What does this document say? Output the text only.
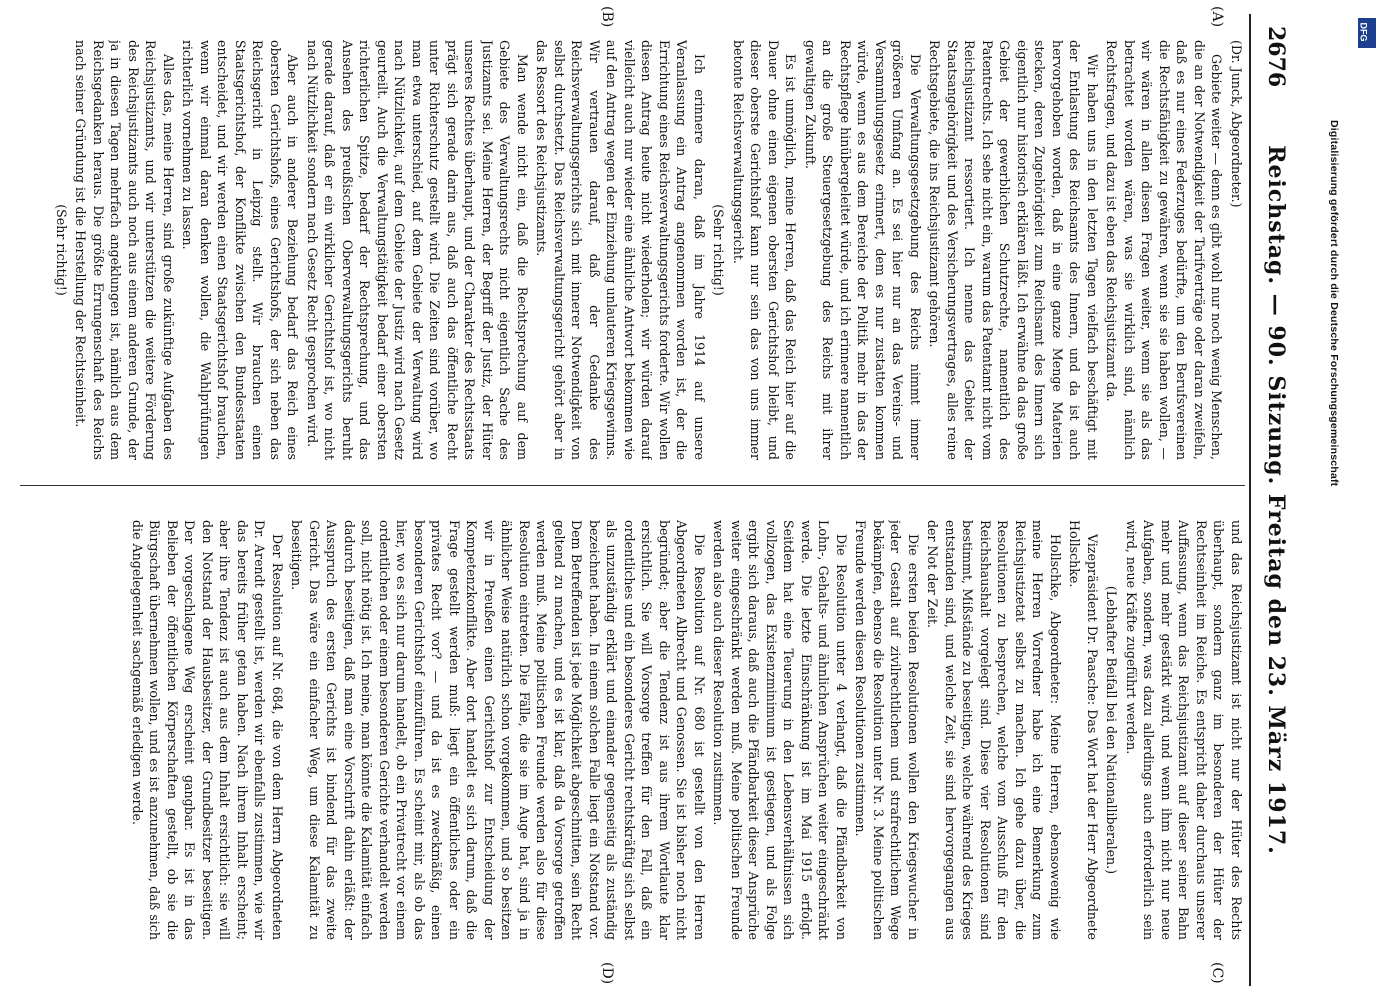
2676
Reichstag. — 90. Sitzung. Freitag den 23. März 1917.
(A)
(B)
(C)
(D)

(Dr. Junck, Abgeordneter.)

Gebiete weiter — denn es gibt wohl nur noch wenig Menschen, die an der Notwendigkeit der Tarifverträge oder daran zweifeln, daß es nur eines Federzuges bedürfte, um den Berufsvereinen die Rechtsfähigkeit zu gewähren, wenn sie sie haben wollen, — wir wären in allen diesen Fragen weiter, wenn sie als das betrachtet worden wären, was sie wirklich sind, nämlich Rechtsfragen, und dazu ist eben das Reichsjustizamt da.

Wir haben uns in den letzten Tagen vielfach beschäftigt mit der Entlastung des Reichsamts des Innern, und da ist auch hervorgehoben worden, daß in eine ganze Menge Materien stecken, deren Zugehörigkeit zum Reichsamt des Innern sich eigentlich nur historisch erklären läßt. Ich erwähne da das große Gebiet der gewerblichen Schutzrechte, namentlich des Patentrechts. Ich sehe nicht ein, warum das Patentamt nicht vom Reichsjustizamt ressortiert. Ich nenne das Gebiet der Staatsangehörigkeit und des Versicherungsvertrages, alles reine Rechtsgebiete, die ins Reichsjustizamt gehören.

Die Verwaltungsgesetzgebung des Reichs nimmt immer größeren Umfang an. Es sei hier nur an das Vereins- und Versammlungsgesetz erinnert, dem es nur zustatten kommen würde, wenn es aus dem Bereiche der Politik mehr in das der Rechtspflege hinübergeleitet würde, und ich erinnere namentlich an die große Steuergesetzgebung des Reichs mit ihrer gewaltigen Zukunft.

Es ist unmöglich, meine Herren, daß das Reich hier auf die Dauer ohne einen eigenen obersten Gerichtshof bleibt, und dieser oberste Gerichtshof kann nur sein das von uns immer betonte Reichsverwaltungsgericht.

(Sehr richtig!)

Ich erinnere daran, daß im Jahre 1914 auf unsere Veranlassung ein Antrag angenommen worden ist, der die Errichtung eines Reichsverwaltungsgerichts forderte. Wir wollen diesen Antrag heute nicht wiederholen; wir würden darauf vielleicht auch nur wieder eine ähnliche Antwort bekommen wie auf den Antrag wegen der Einziehung unlauteren Kriegsgewinns. Wir vertrauen darauf, daß der Gedanke des Reichsverwaltungsgerichts sich mit innerer Notwendigkeit von selbst durchsetzt. Das Reichsverwaltungsgericht gehört aber in das Ressort des Reichsjustizamts.

Man wende nicht ein, daß die Rechtsprechung auf dem Gebiete des Verwaltungsrechts nicht eigentlich Sache des Justizamts sei. Meine Herren, der Begriff der Justiz, der Hüter unseres Rechtes überhaupt, und der Charakter des Rechtsstaats prägt sich gerade darin aus, daß auch das öffentliche Recht unter Richterschutz gestellt wird. Die Zeiten sind vorüber, wo man etwa unterschied, auf dem Gebiete der Verwaltung wird nach Nützlichkeit, auf dem Gebiete der Justiz wird nach Gesetz geurteilt. Auch die Verwaltungstätigkeit bedarf einer obersten richterlichen Spitze, bedarf der Rechtsprechung, und das Ansehen des preußischen Oberverwaltungsgerichts beruht gerade darauf, daß er ein wirklicher Gerichtshof ist, wo nicht nach Nützlichkeit sondern nach Gesetz Recht gesprochen wird.

Aber auch in anderer Beziehung bedarf das Reich eines obersten Gerichtshofs, eines Gerichtshofs, der sich neben das Reichsgericht in Leipzig stellt. Wir brauchen einen Staatsgerichtshof, der Konflikte zwischen den Bundesstaaten entscheidet, und wir werden einen Staatsgerichtshof brauchen, wenn wir einmal daran denken wollen, die Wahlprüfungen richterlich vornehmen zu lassen.

Alles das, meine Herren, sind große zukünftige Aufgaben des Reichsjustizamts, und wir unterstützen die weitere Förderung des Reichsjustizamts auch noch aus einem anderen Grunde, der ja in diesen Tagen mehrfach angeklungen ist, nämlich aus dem Reichsgedanken heraus. Die größte Errungenschaft des Reichs nach seiner Gründung ist die Herstellung der Rechtseinheit.

(Sehr richtig!)

und das Reichsjustizamt ist nicht nur der Hüter des Rechts überhaupt, sondern ganz im besonderen der Hüter der Rechtseinheit im Reiche. Es entspricht daher durchaus unserer Auffassung, wenn das Reichsjustizamt auf dieser seiner Bahn mehr und mehr gestärkt wird, und wenn ihm nicht nur neue Aufgaben, sondern, was dazu allerdings auch erforderlich sein wird, neue Kräfte zugeführt werden.

(Lebhafter Beifall bei den Nationalliberalen.)

Vizepräsident Dr. Paasche: Das Wort hat der Herr Abgeordnete Hollschke.

Hollschke, Abgeordneter: Meine Herren, ebensowenig wie meine Herren Vorredner habe ich eine Bemerkung zum Reichsjustizetat selbst zu machen. Ich gehe dazu über, die Resolutionen zu besprechen, welche vom Ausschuß für den Reichshaushalt vorgelegt sind. Diese vier Resolutionen sind bestimmt, Mißstände zu beseitigen, welche während des Krieges entstanden sind, und welche Zeit, sie sind hervorgegangen aus der Not der Zeit.

Die ersten beiden Resolutionen wollen den Kriegswucher in jeder Gestalt auf zivilrechtlichem und strafrechtlichem Wege bekämpfen, ebenso die Resolution unter Nr. 3. Meine politischen Freunde werden diesen Resolutionen zustimmen.

Die Resolution unter 4 verlangt, daß die Pfändbarkeit von Lohn-, Gehalts- und ähnlichen Ansprüchen weiter eingeschränkt werde. Die letzte Einschränkung ist im Mai 1915 erfolgt. Seitdem hat eine Teuerung in den Lebensverhältnissen sich vollzogen, das Existenzminimum ist gestiegen, und als Folge ergibt sich daraus, daß auch die Pfändbarkeit dieser Ansprüche weiter eingeschränkt werden muß. Meine politischen Freunde werden also auch dieser Resolution zustimmen.

Die Resolution auf Nr. 680 ist gestellt von den Herren Abgeordneten Albrecht und Genossen. Sie ist bisher noch nicht begründet; aber die Tendenz ist aus ihrem Wortlaute klar ersichtlich. Sie will Vorsorge treffen für den Fall, daß ein ordentliches und ein besonderes Gericht rechtskräftig sich selbst als unzuständig erklärt und einander gegenseitig als zuständig bezeichnet haben. In einem solchen Falle liegt ein Notstand vor. Dem Betreffenden ist jede Möglichkeit abgeschnitten, sein Recht geltend zu machen, und es ist klar, daß da Vorsorge getroffen werden muß. Meine politischen Freunde werden also für diese Resolution eintreten. Die Fälle, die sie im Auge hat, sind ja in ähnlicher Weise natürlich schon vorgekommen, und so besitzen wir in Preußen einen Gerichtshof zur Entscheidung der Kompetenzkonflikte. Aber dort handelt es sich darum, daß die Frage gestellt werden muß: liegt ein öffentliches oder ein privates Recht vor? — und da ist es zweckmäßig, einen besonderen Gerichtshof einzuführen. Es scheint mir, als ob das hier, wo es sich nur darum handelt, ob ein Privatrecht vor einem ordentlichen oder einem besonderen Gerichte verhandelt werden soll, nicht nötig ist. Ich meine, man könnte die Kalamität einfach dadurch beseitigen, daß man eine Vorschrift dahin erläßt: der Ausspruch des ersten Gerichts ist bindend für das zweite Gericht. Das wäre ein einfacher Weg, um diese Kalamität zu beseitigen.

Der Resolution auf Nr. 684, die von dem Herrn Abgeordneten Dr. Arendt gestellt ist, werden wir ebenfalls zustimmen, wie wir das bereits früher getan haben. Nach ihrem Inhalt erscheint; aber ihre Tendenz ist auch aus dem Inhalt ersichtlich: sie will den Notstand der Hausbesitzer, der Grundbesitzer beseitigen. Der vorgeschlagene Weg erscheint gangbar. Es ist in das Belieben der öffentlichen Körperschaften gestellt, ob sie die Bürgschaft übernehmen wollen, und es ist anzunehmen, daß sich die Angelegenheit sachgemäß erledigen werde.

Digitalisierung gefördert durch die Deutsche Forschungsgemeinschaft
DFG
